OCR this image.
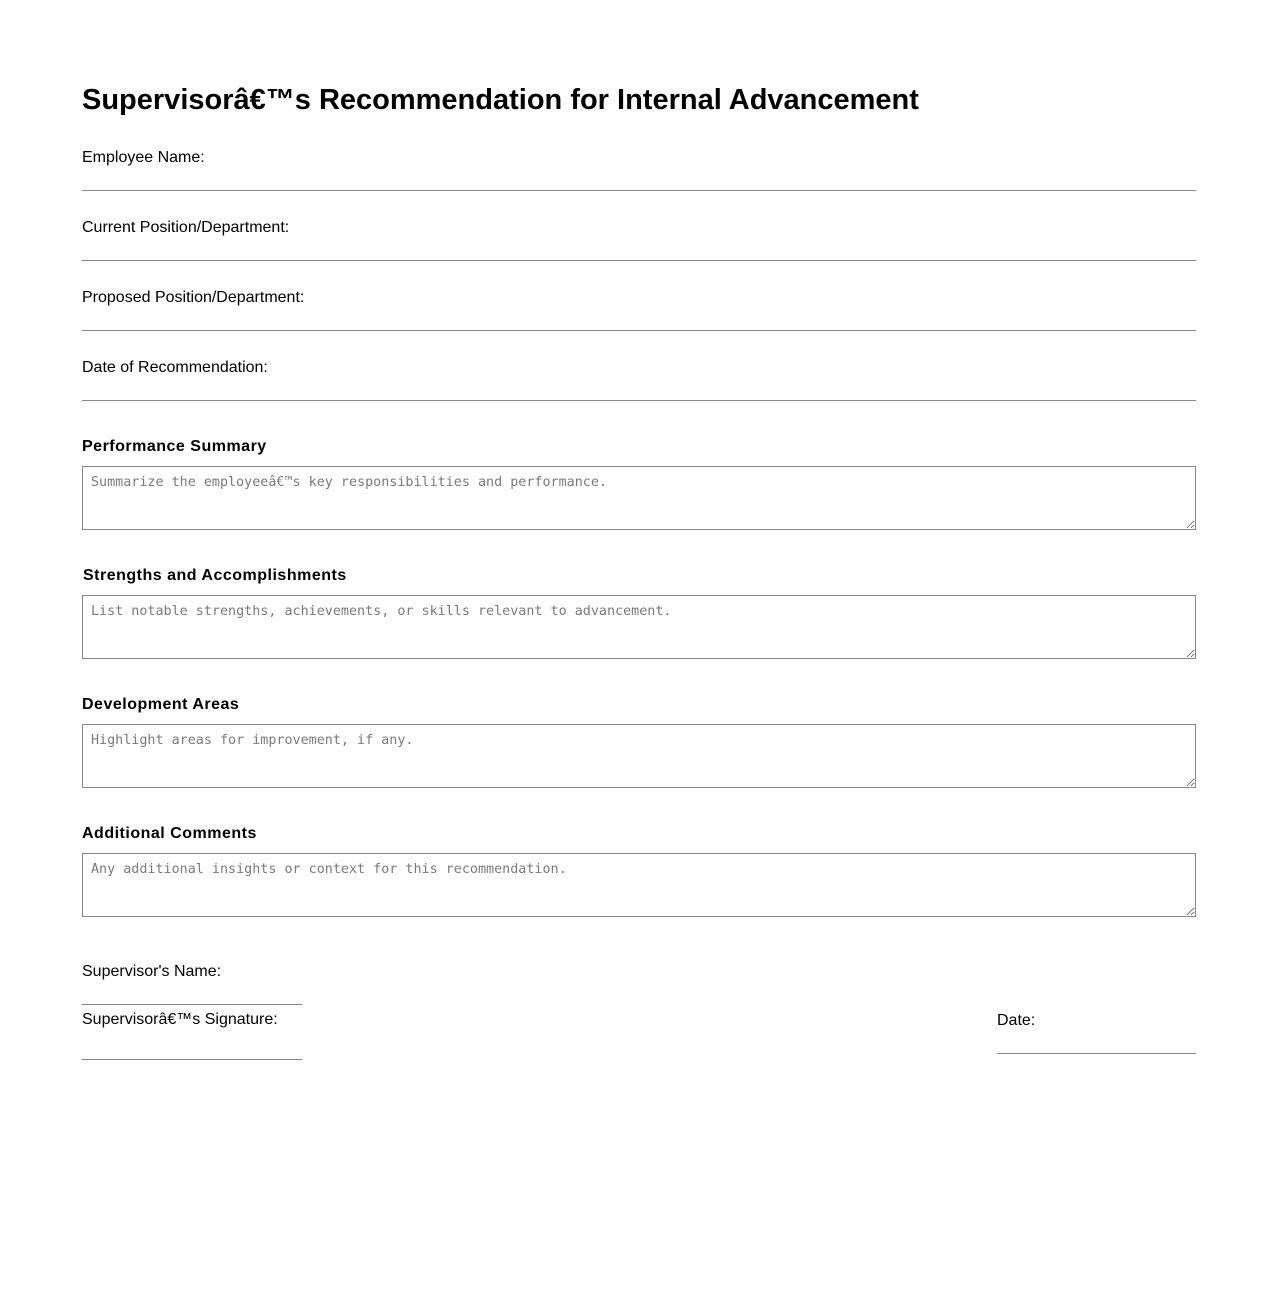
Supervisorâ€™s Recommendation for Internal Advancement
Employee Name:
Current Position/Department:
Proposed Position/Department:
Date of Recommendation:
Performance Summary
Summarize the employeeâ€™s key responsibilities and performance.
Strengths and Accomplishments
List notable strengths, achievements, or skills relevant to advancement.
Development Areas
Highlight areas for improvement, if any.
Additional Comments
Any additional insights or context for this recommendation.
Supervisor's Name:
Supervisorâ€™s Signature:	Date:
